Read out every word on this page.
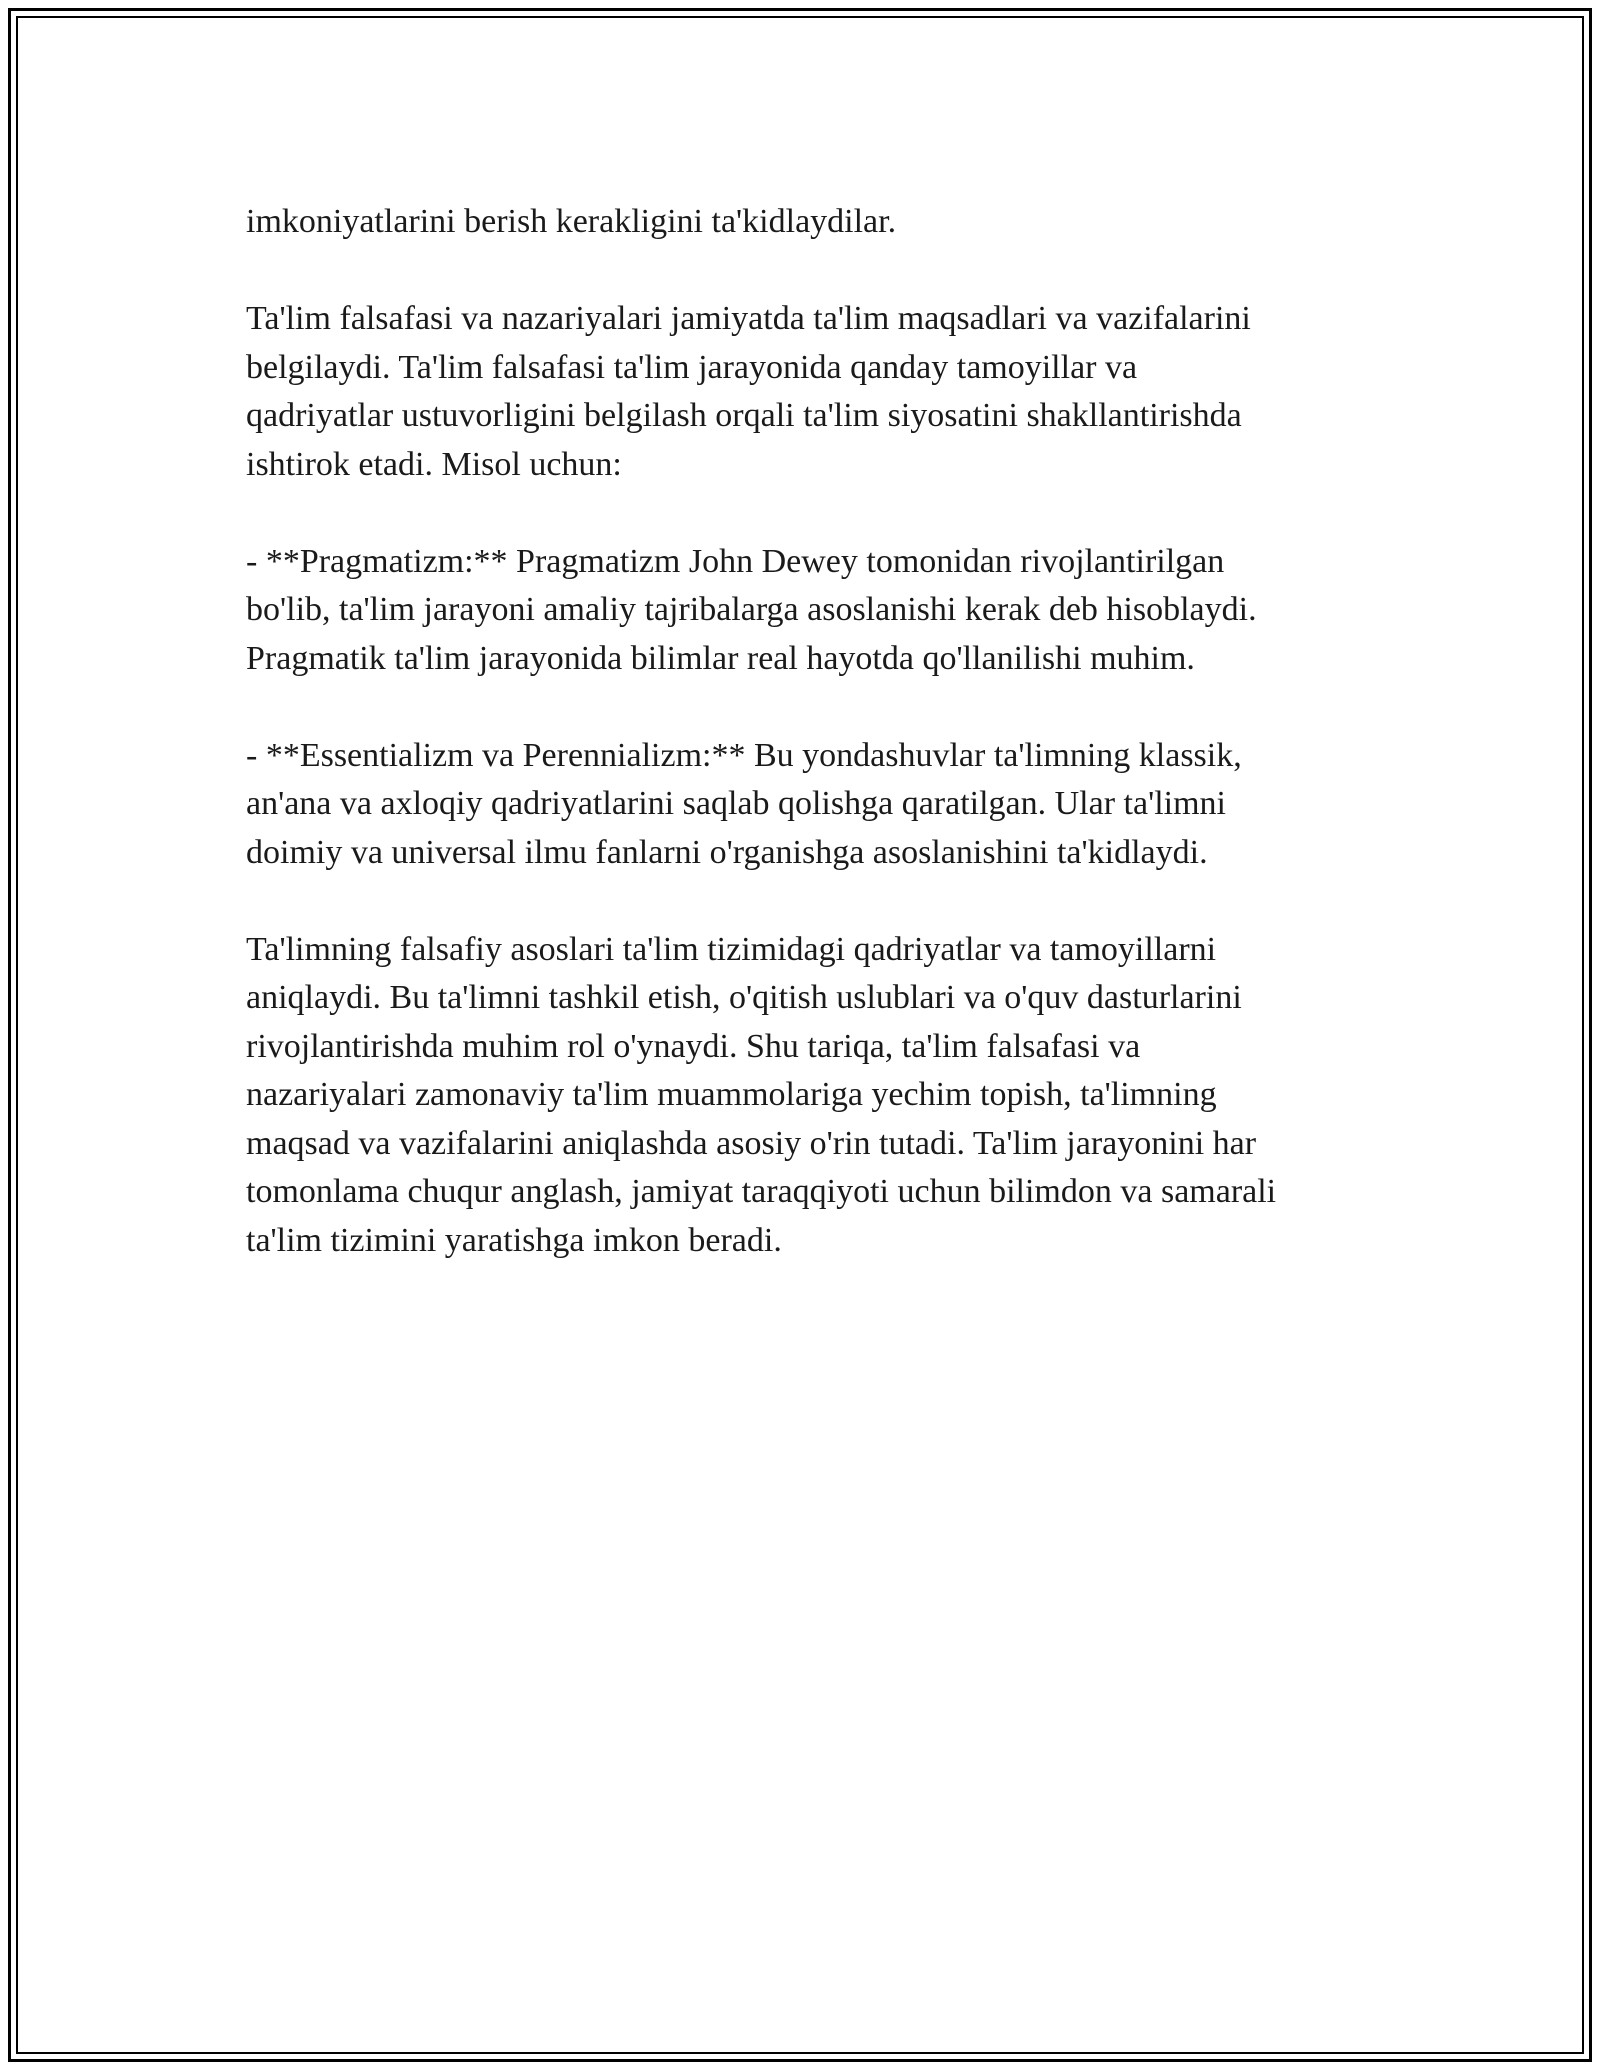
imkoniyatlarini berish kerakligini ta'kidlaydilar.

Ta'lim falsafasi va nazariyalari jamiyatda ta'lim maqsadlari va vazifalarini
belgilaydi. Ta'lim falsafasi ta'lim jarayonida qanday tamoyillar va
qadriyatlar ustuvorligini belgilash orqali ta'lim siyosatini shakllantirishda
ishtirok etadi. Misol uchun:

- **Pragmatizm:** Pragmatizm John Dewey tomonidan rivojlantirilgan
bo'lib, ta'lim jarayoni amaliy tajribalarga asoslanishi kerak deb hisoblaydi.
Pragmatik ta'lim jarayonida bilimlar real hayotda qo'llanilishi muhim.

- **Essentializm va Perennializm:** Bu yondashuvlar ta'limning klassik,
an'ana va axloqiy qadriyatlarini saqlab qolishga qaratilgan. Ular ta'limni
doimiy va universal ilmu fanlarni o'rganishga asoslanishini ta'kidlaydi.

Ta'limning falsafiy asoslari ta'lim tizimidagi qadriyatlar va tamoyillarni
aniqlaydi. Bu ta'limni tashkil etish, o'qitish uslublari va o'quv dasturlarini
rivojlantirishda muhim rol o'ynaydi. Shu tariqa, ta'lim falsafasi va
nazariyalari zamonaviy ta'lim muammolariga yechim topish, ta'limning
maqsad va vazifalarini aniqlashda asosiy o'rin tutadi. Ta'lim jarayonini har
tomonlama chuqur anglash, jamiyat taraqqiyoti uchun bilimdon va samarali
ta'lim tizimini yaratishga imkon beradi.
